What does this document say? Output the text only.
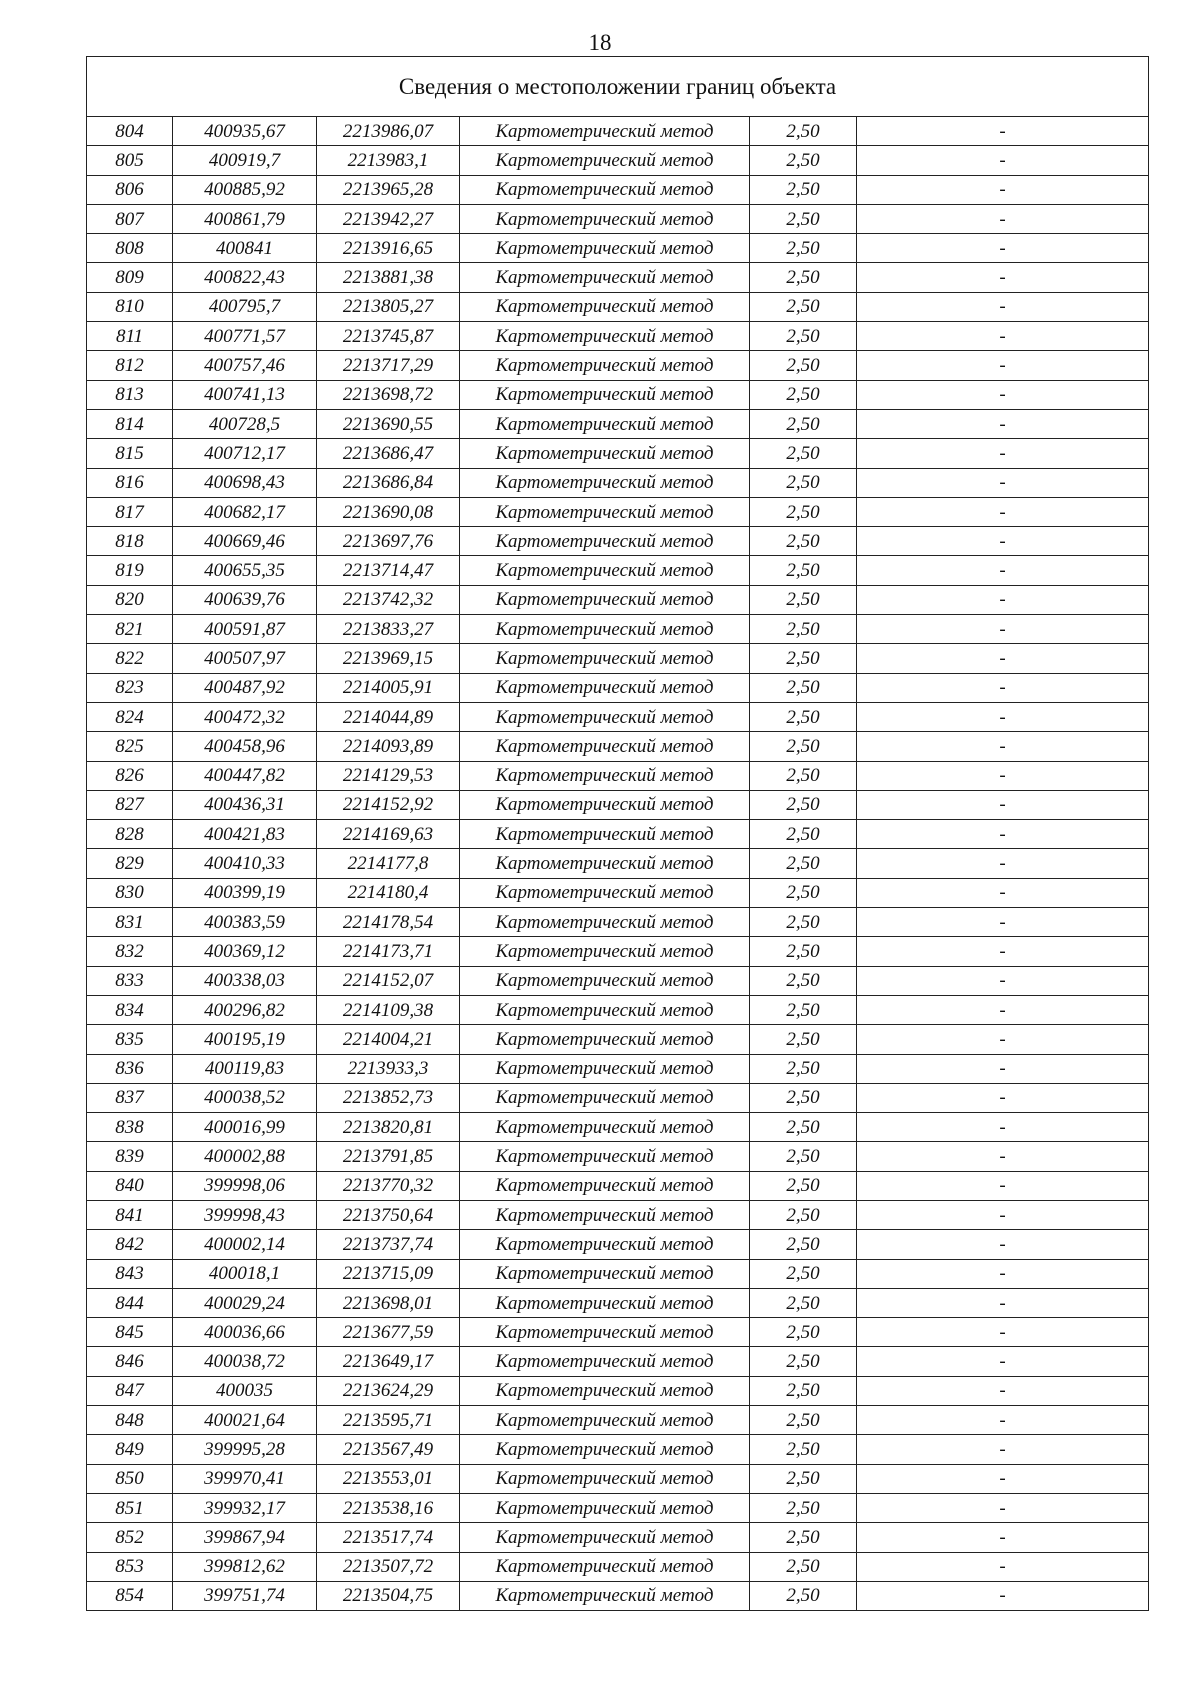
18
Сведения о местоположении границ объекта					
804	400935,67	2213986,07	Картометрический метод	2,50	-
805	400919,7	2213983,1	Картометрический метод	2,50	-
806	400885,92	2213965,28	Картометрический метод	2,50	-
807	400861,79	2213942,27	Картометрический метод	2,50	-
808	400841	2213916,65	Картометрический метод	2,50	-
809	400822,43	2213881,38	Картометрический метод	2,50	-
810	400795,7	2213805,27	Картометрический метод	2,50	-
811	400771,57	2213745,87	Картометрический метод	2,50	-
812	400757,46	2213717,29	Картометрический метод	2,50	-
813	400741,13	2213698,72	Картометрический метод	2,50	-
814	400728,5	2213690,55	Картометрический метод	2,50	-
815	400712,17	2213686,47	Картометрический метод	2,50	-
816	400698,43	2213686,84	Картометрический метод	2,50	-
817	400682,17	2213690,08	Картометрический метод	2,50	-
818	400669,46	2213697,76	Картометрический метод	2,50	-
819	400655,35	2213714,47	Картометрический метод	2,50	-
820	400639,76	2213742,32	Картометрический метод	2,50	-
821	400591,87	2213833,27	Картометрический метод	2,50	-
822	400507,97	2213969,15	Картометрический метод	2,50	-
823	400487,92	2214005,91	Картометрический метод	2,50	-
824	400472,32	2214044,89	Картометрический метод	2,50	-
825	400458,96	2214093,89	Картометрический метод	2,50	-
826	400447,82	2214129,53	Картометрический метод	2,50	-
827	400436,31	2214152,92	Картометрический метод	2,50	-
828	400421,83	2214169,63	Картометрический метод	2,50	-
829	400410,33	2214177,8	Картометрический метод	2,50	-
830	400399,19	2214180,4	Картометрический метод	2,50	-
831	400383,59	2214178,54	Картометрический метод	2,50	-
832	400369,12	2214173,71	Картометрический метод	2,50	-
833	400338,03	2214152,07	Картометрический метод	2,50	-
834	400296,82	2214109,38	Картометрический метод	2,50	-
835	400195,19	2214004,21	Картометрический метод	2,50	-
836	400119,83	2213933,3	Картометрический метод	2,50	-
837	400038,52	2213852,73	Картометрический метод	2,50	-
838	400016,99	2213820,81	Картометрический метод	2,50	-
839	400002,88	2213791,85	Картометрический метод	2,50	-
840	399998,06	2213770,32	Картометрический метод	2,50	-
841	399998,43	2213750,64	Картометрический метод	2,50	-
842	400002,14	2213737,74	Картометрический метод	2,50	-
843	400018,1	2213715,09	Картометрический метод	2,50	-
844	400029,24	2213698,01	Картометрический метод	2,50	-
845	400036,66	2213677,59	Картометрический метод	2,50	-
846	400038,72	2213649,17	Картометрический метод	2,50	-
847	400035	2213624,29	Картометрический метод	2,50	-
848	400021,64	2213595,71	Картометрический метод	2,50	-
849	399995,28	2213567,49	Картометрический метод	2,50	-
850	399970,41	2213553,01	Картометрический метод	2,50	-
851	399932,17	2213538,16	Картометрический метод	2,50	-
852	399867,94	2213517,74	Картометрический метод	2,50	-
853	399812,62	2213507,72	Картометрический метод	2,50	-
854	399751,74	2213504,75	Картометрический метод	2,50	-
